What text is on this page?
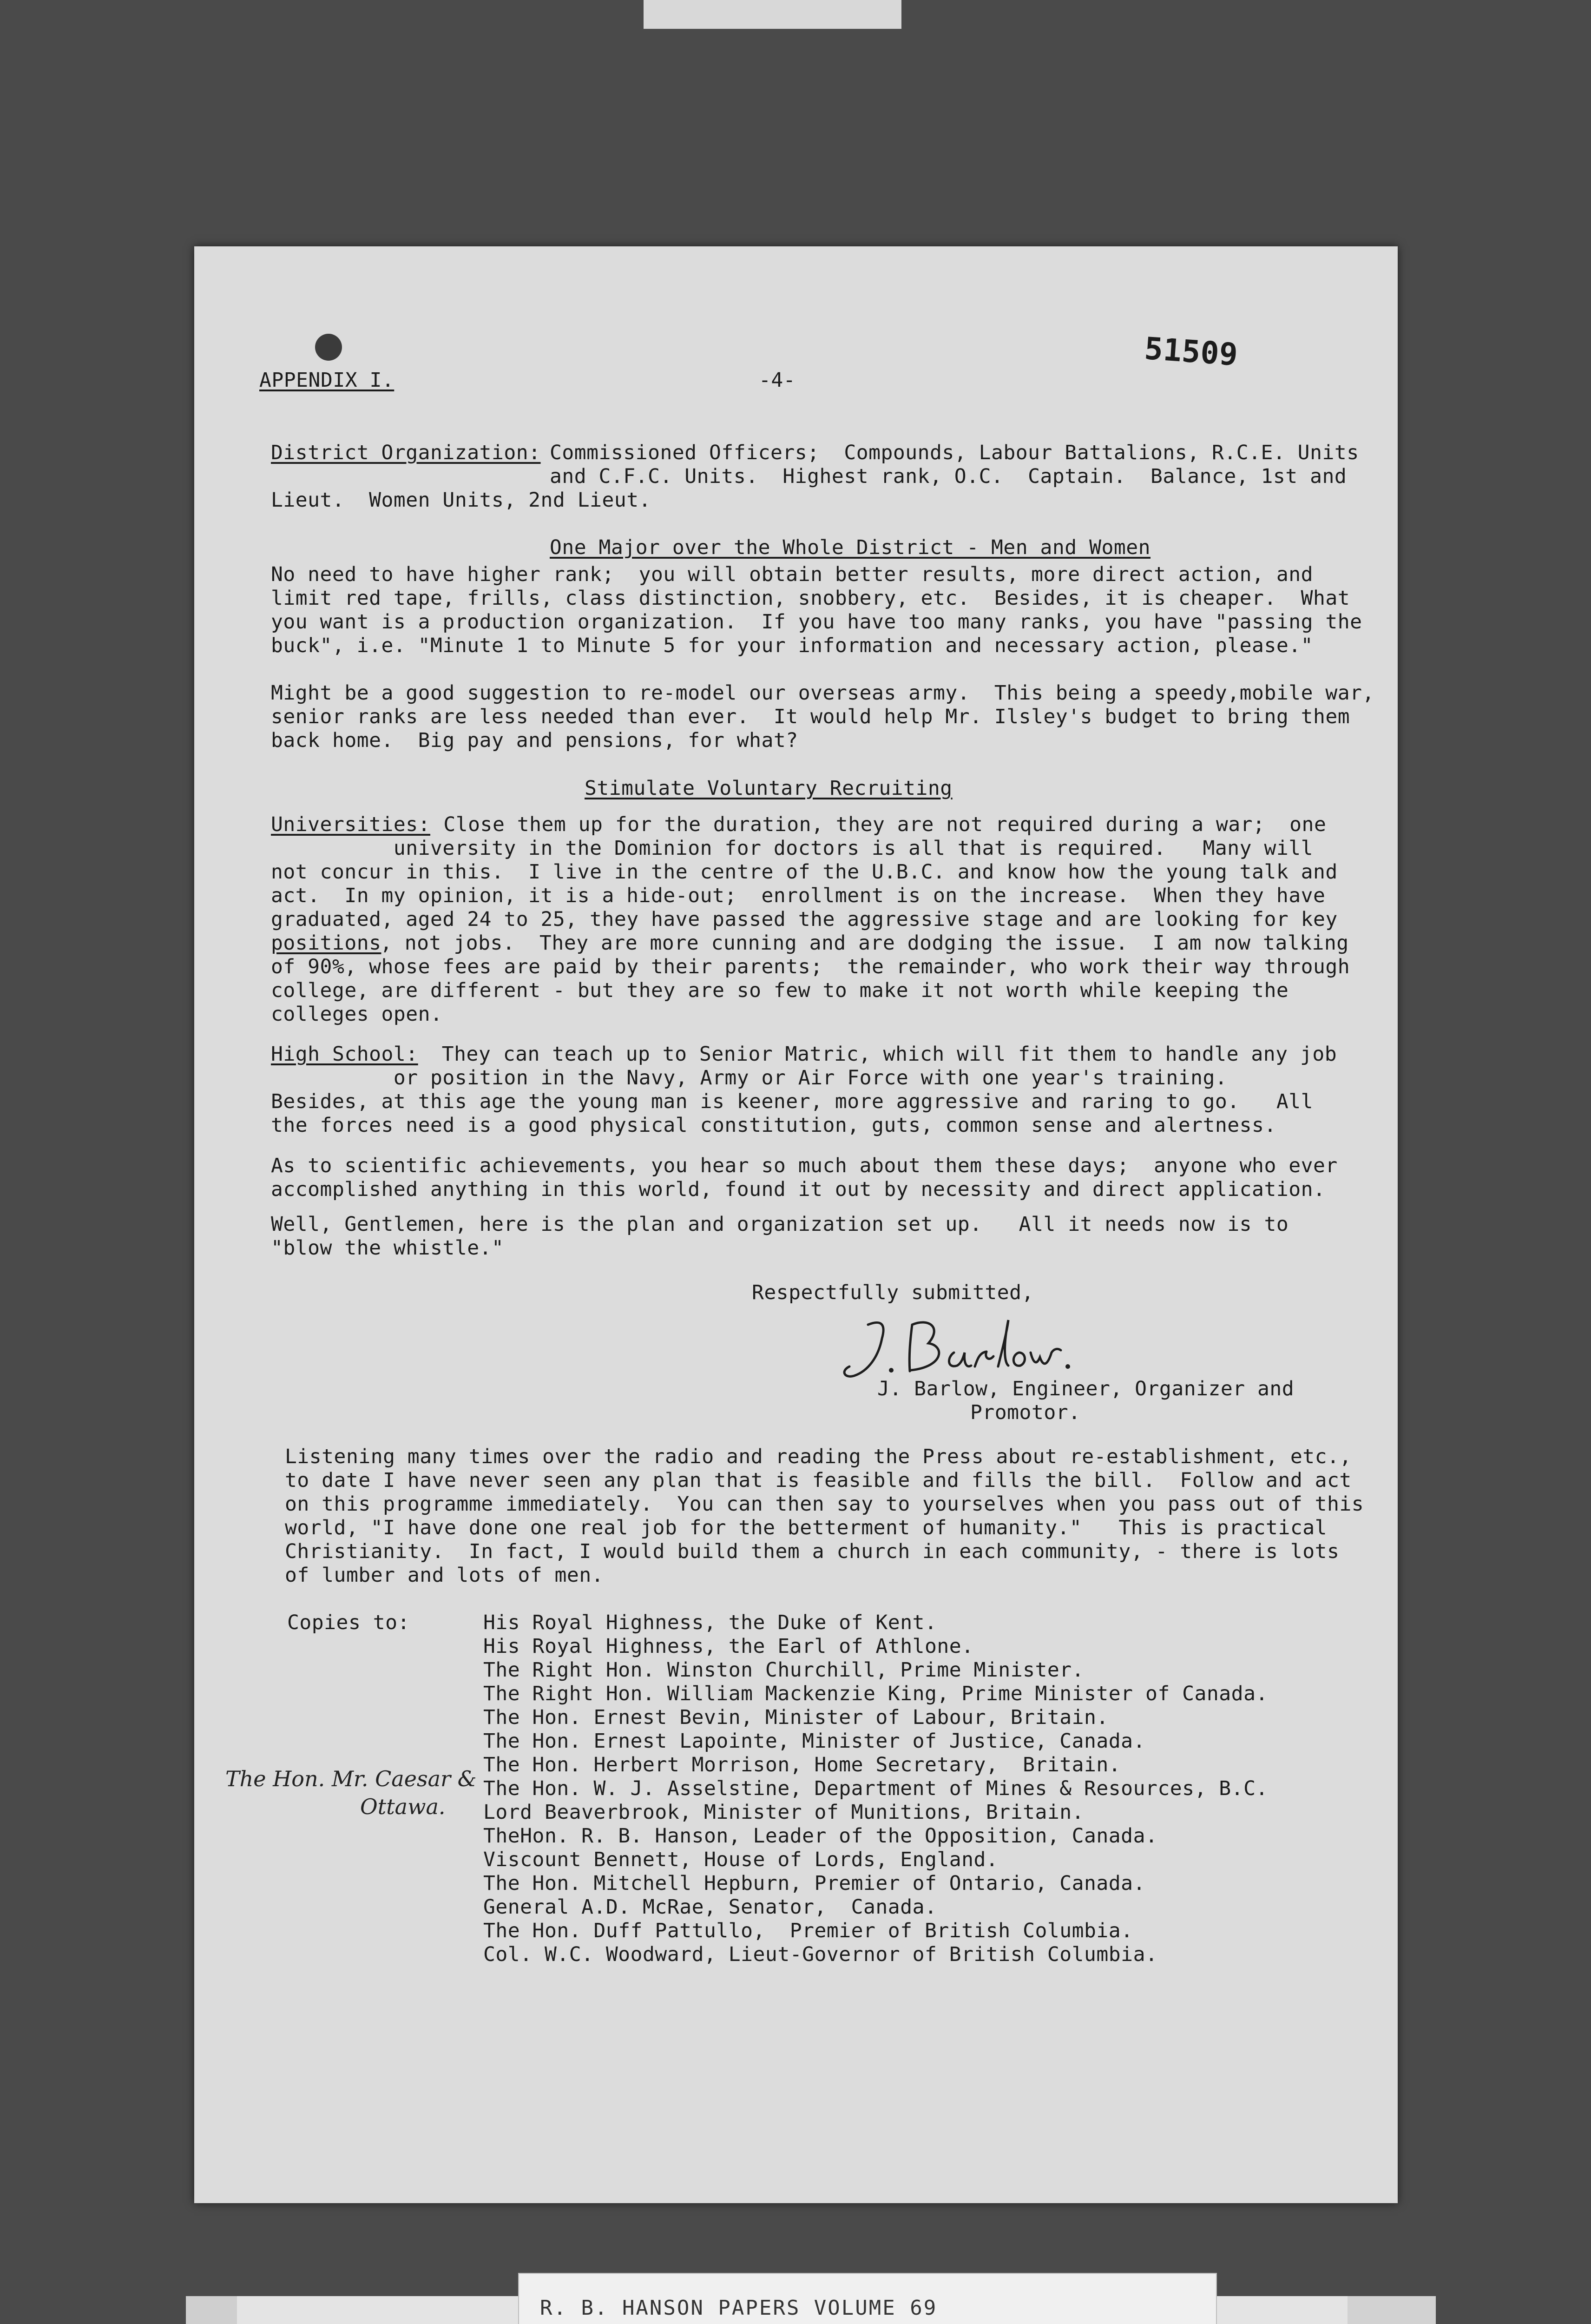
APPENDIX I.	-4-
51509
District Organization: Commissioned Officers;  Compounds, Labour Battalions, R.C.E. Units
and C.F.C. Units.  Highest rank, O.C.  Captain.  Balance, 1st and
Lieut.  Women Units, 2nd Lieut.
One Major over the Whole District - Men and Women
No need to have higher rank;  you will obtain better results, more direct action, and
limit red tape, frills, class distinction, snobbery, etc.  Besides, it is cheaper.  What
you want is a production organization.  If you have too many ranks, you have "passing the
buck", i.e. "Minute 1 to Minute 5 for your information and necessary action, please."
Might be a good suggestion to re-model our overseas army.  This being a speedy,mobile war,
senior ranks are less needed than ever.  It would help Mr. Ilsley's budget to bring them
back home.  Big pay and pensions, for what?
Stimulate Voluntary Recruiting
Universities: Close them up for the duration, they are not required during a war;  one
university in the Dominion for doctors is all that is required.   Many will
not concur in this.  I live in the centre of the U.B.C. and know how the young talk and
act.  In my opinion, it is a hide-out;  enrollment is on the increase.  When they have
graduated, aged 24 to 25, they have passed the aggressive stage and are looking for key
positions
, not jobs.  They are more cunning and are dodging the issue.  I am now talking
of 90%, whose fees are paid by their parents;  the remainder, who work their way through
college, are different - but they are so few to make it not worth while keeping the
colleges open.
High School:
They can teach up to Senior Matric, which will fit them to handle any job
or position in the Navy, Army or Air Force with one year's training.
Besides, at this age the young man is keener, more aggressive and raring to go.   All
the forces need is a good physical constitution, guts, common sense and alertness.
As to scientific achievements, you hear so much about them these days;  anyone who ever
accomplished anything in this world, found it out by necessity and direct application.
Well, Gentlemen, here is the plan and organization set up.   All it needs now is to
"blow the whistle."
Respectfully submitted,
J. Barlow, Engineer, Organizer and
Promotor.
Listening many times over the radio and reading the Press about re-establishment, etc.,
to date I have never seen any plan that is feasible and fills the bill.  Follow and act
on this programme immediately.  You can then say to yourselves when you pass out of this
world, "I have done one real job for the betterment of humanity."   This is practical
Christianity.  In fact, I would build them a church in each community, - there is lots
of lumber and lots of men.
Copies to:	His Royal Highness, the Duke of Kent.
His Royal Highness, the Earl of Athlone.
The Right Hon. Winston Churchill, Prime Minister.
The Right Hon. William Mackenzie King, Prime Minister of Canada.
The Hon. Ernest Bevin, Minister of Labour, Britain.
The Hon. Ernest Lapointe, Minister of Justice, Canada.
The Hon. Herbert Morrison, Home Secretary,  Britain.
The Hon. W. J. Asselstine, Department of Mines & Resources, B.C.
Lord Beaverbrook, Minister of Munitions, Britain.
TheHon. R. B. Hanson, Leader of the Opposition, Canada.
Viscount Bennett, House of Lords, England.
The Hon. Mitchell Hepburn, Premier of Ontario, Canada.
General A.D. McRae, Senator,  Canada.
The Hon. Duff Pattullo,  Premier of British Columbia.
Col. W.C. Woodward, Lieut-Governor of British Columbia.
The Hon. Mr. Caesar &
Ottawa.
R. B. HANSON PAPERS VOLUME 69
